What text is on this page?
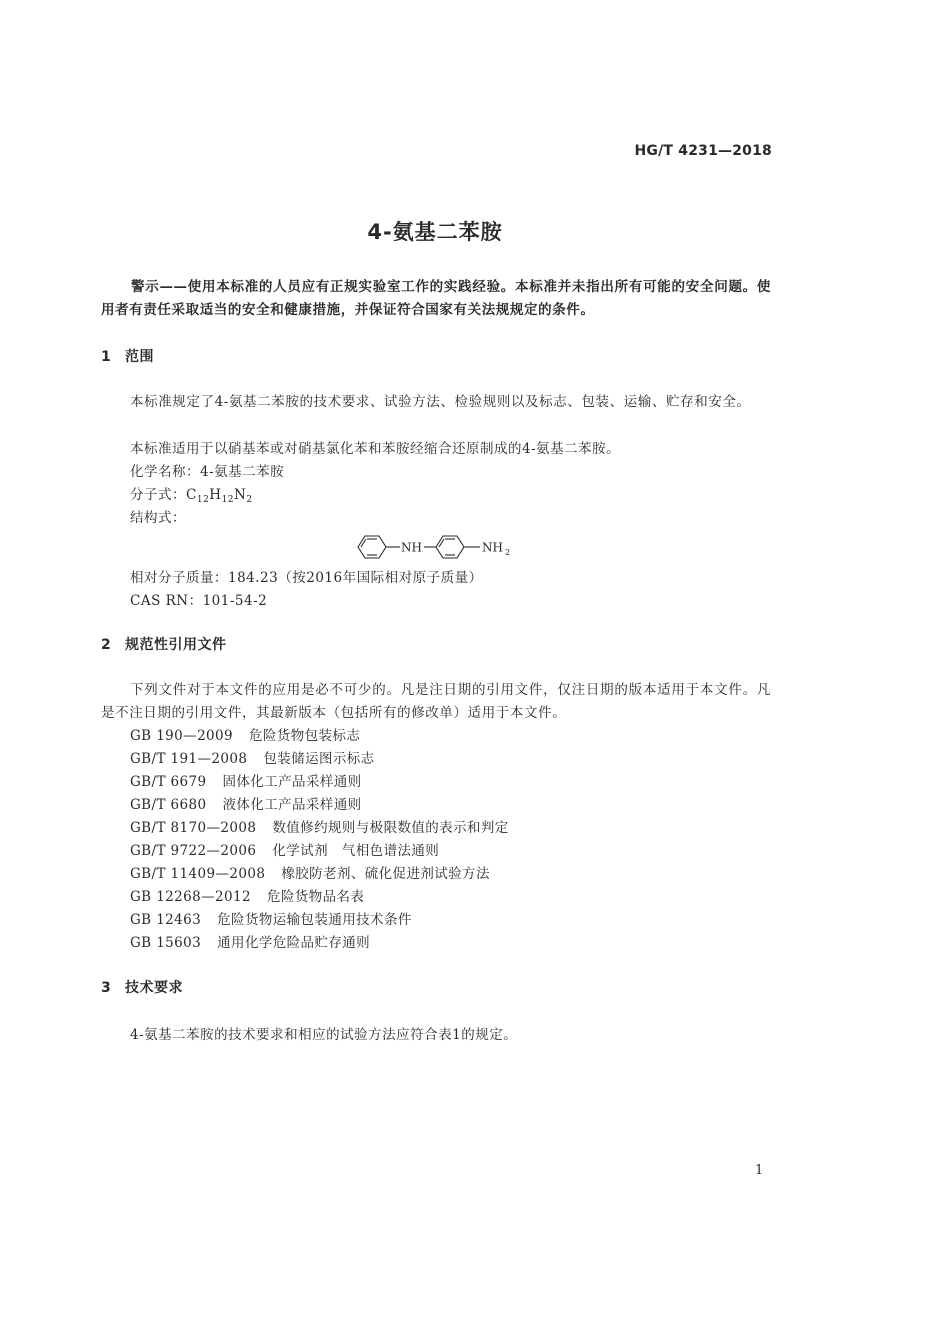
HG/T 4231—2018
4-氨基二苯胺
警示——使用本标准的人员应有正规实验室工作的实践经验。本标准并未指出所有可能的安全问题。使用者有责任采取适当的安全和健康措施，并保证符合国家有关法规规定的条件。
1 范围
本标准规定了4-氨基二苯胺的技术要求、试验方法、检验规则以及标志、包装、运输、贮存和安全。
本标准适用于以硝基苯或对硝基氯化苯和苯胺经缩合还原制成的4-氨基二苯胺。
化学名称：4-氨基二苯胺
分子式：$C_{12}H_{12}N_2$
结构式：
NH	NH 2
相对分子质量：184.23（按2016年国际相对原子质量）
CAS RN：101-54-2
2 规范性引用文件
下列文件对于本文件的应用是必不可少的。凡是注日期的引用文件，仅注日期的版本适用于本文件。凡是不注日期的引用文件，其最新版本（包括所有的修改单）适用于本文件。
GB 190—2009 危险货物包装标志
GB/T 191—2008 包装储运图示标志
GB/T 6679 固体化工产品采样通则
GB/T 6680 液体化工产品采样通则
GB/T 8170—2008 数值修约规则与极限数值的表示和判定
GB/T 9722—2006 化学试剂　气相色谱法通则
GB/T 11409—2008 橡胶防老剂、硫化促进剂试验方法
GB 12268—2012 危险货物品名表
GB 12463 危险货物运输包装通用技术条件
GB 15603 通用化学危险品贮存通则
3 技术要求
4-氨基二苯胺的技术要求和相应的试验方法应符合表1的规定。
1
